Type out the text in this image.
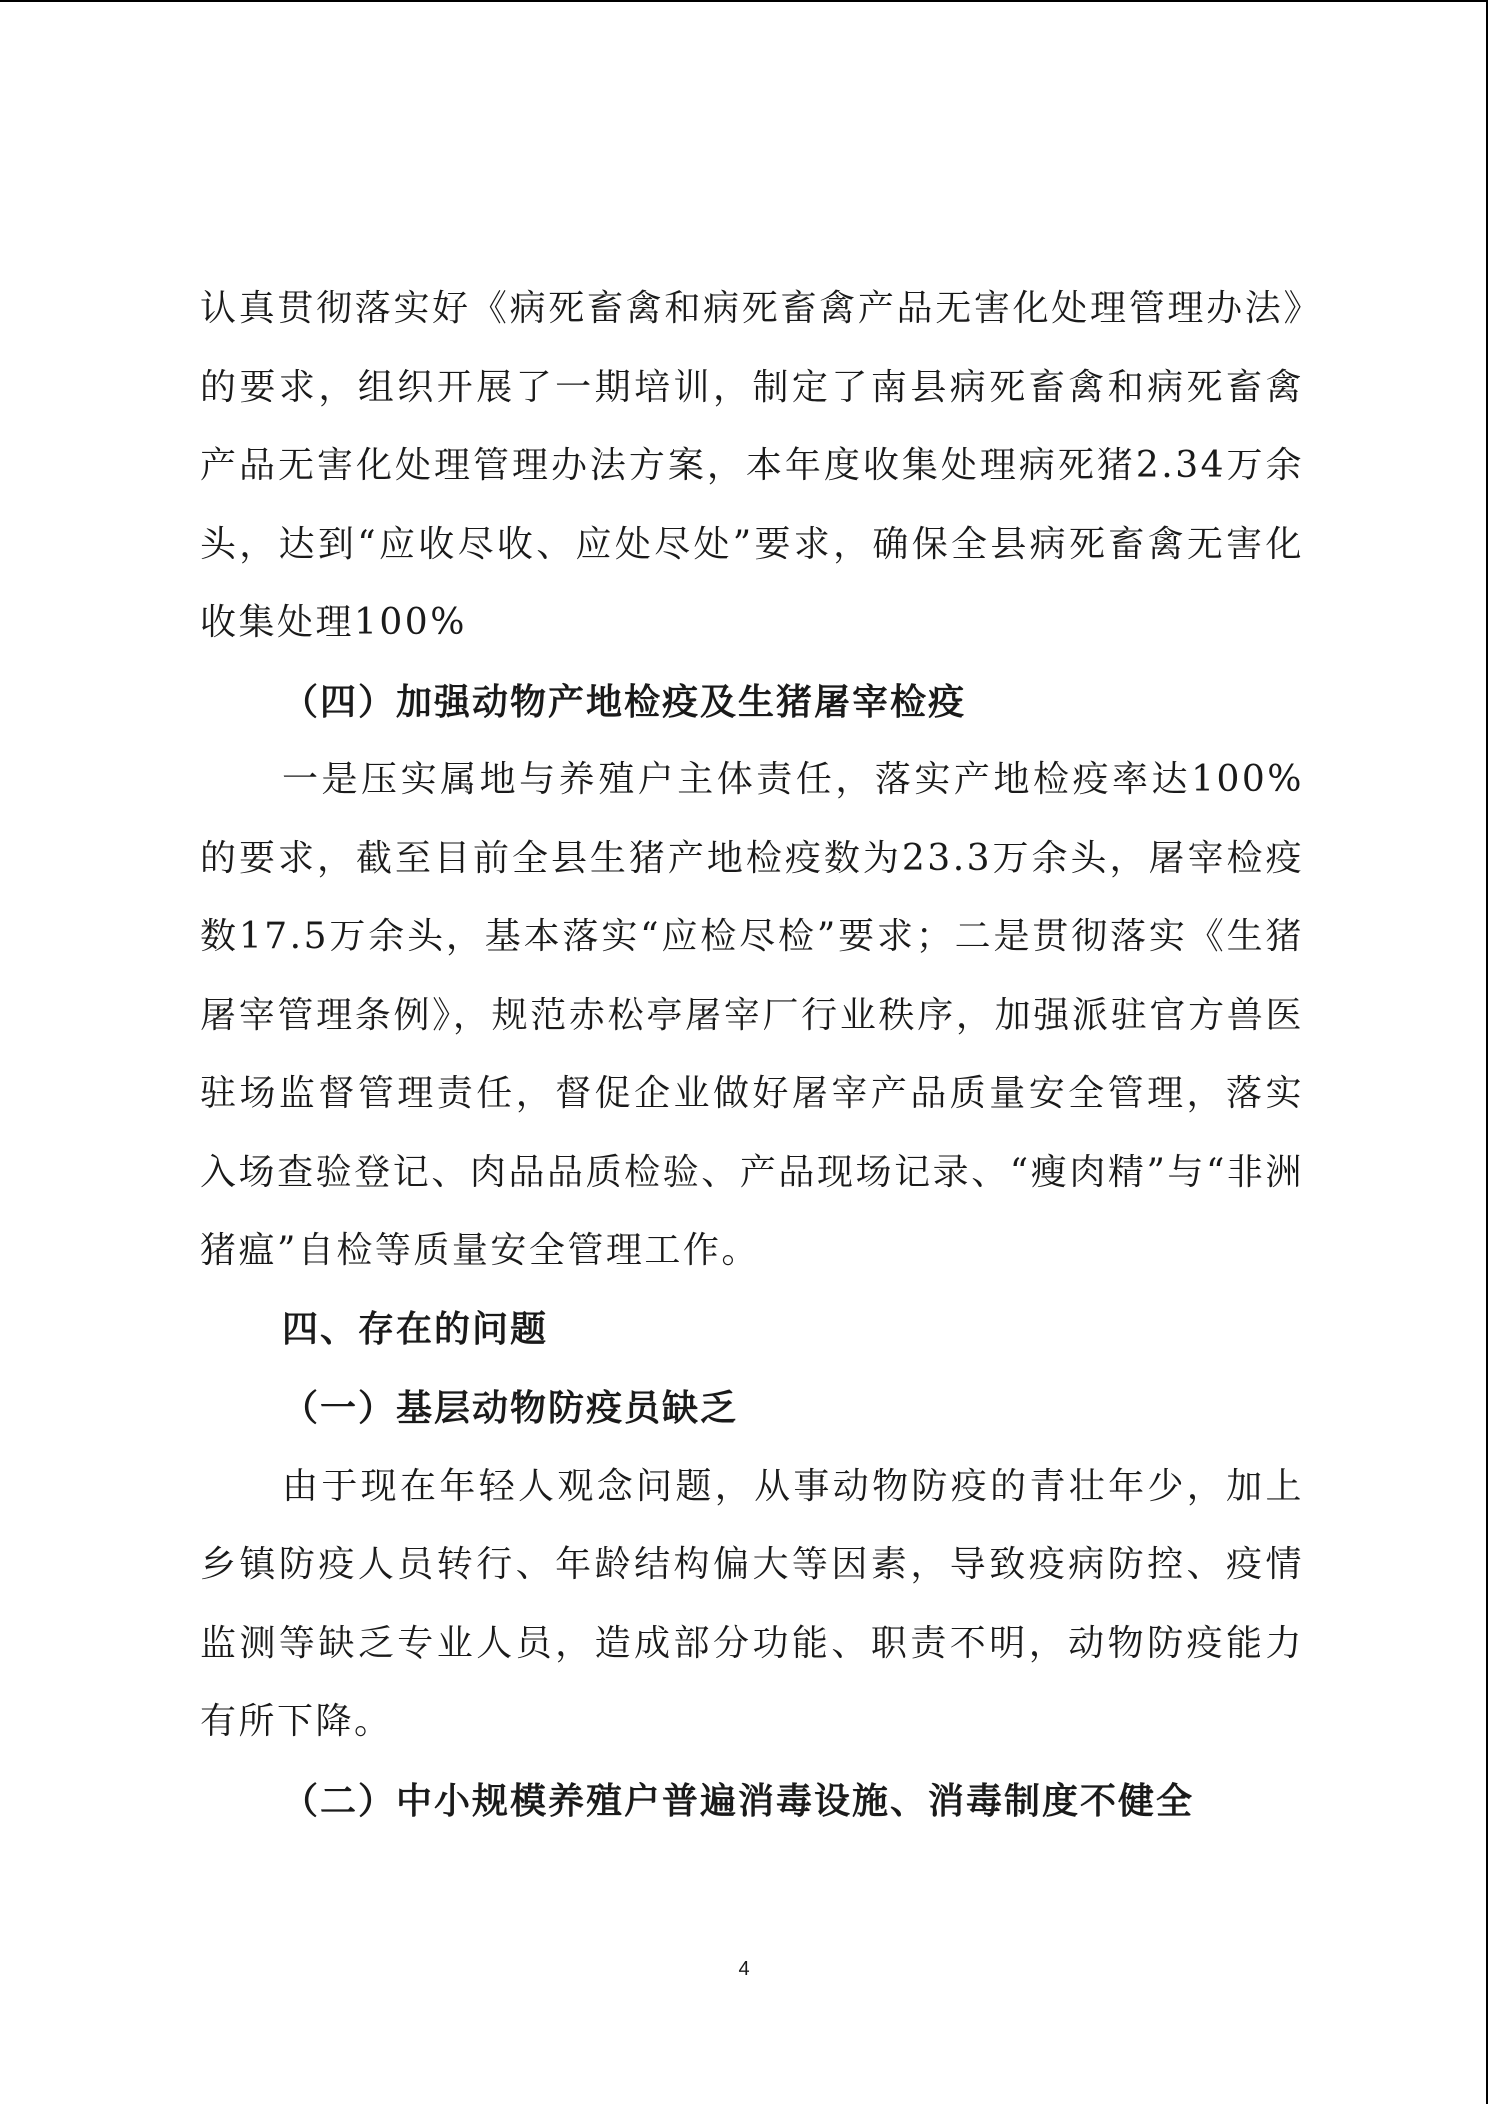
认真贯彻落实好《病死畜禽和病死畜禽产品无害化处理管理办法》的要求，组织开展了一期培训，制定了南县病死畜禽和病死畜禽产品无害化处理管理办法方案，本年度收集处理病死猪2.34万余头，达到“应收尽收、应处尽处”要求，确保全县病死畜禽无害化收集处理100%

（四）加强动物产地检疫及生猪屠宰检疫

一是压实属地与养殖户主体责任，落实产地检疫率达100%的要求，截至目前全县生猪产地检疫数为23.3万余头，屠宰检疫数17.5万余头，基本落实“应检尽检”要求；二是贯彻落实《生猪屠宰管理条例》，规范赤松亭屠宰厂行业秩序，加强派驻官方兽医驻场监督管理责任，督促企业做好屠宰产品质量安全管理，落实入场查验登记、肉品品质检验、产品现场记录、“瘦肉精”与“非洲猪瘟”自检等质量安全管理工作。

四、存在的问题

（一）基层动物防疫员缺乏

由于现在年轻人观念问题，从事动物防疫的青壮年少，加上乡镇防疫人员转行、年龄结构偏大等因素，导致疫病防控、疫情监测等缺乏专业人员，造成部分功能、职责不明，动物防疫能力有所下降。

（二）中小规模养殖户普遍消毒设施、消毒制度不健全

4
